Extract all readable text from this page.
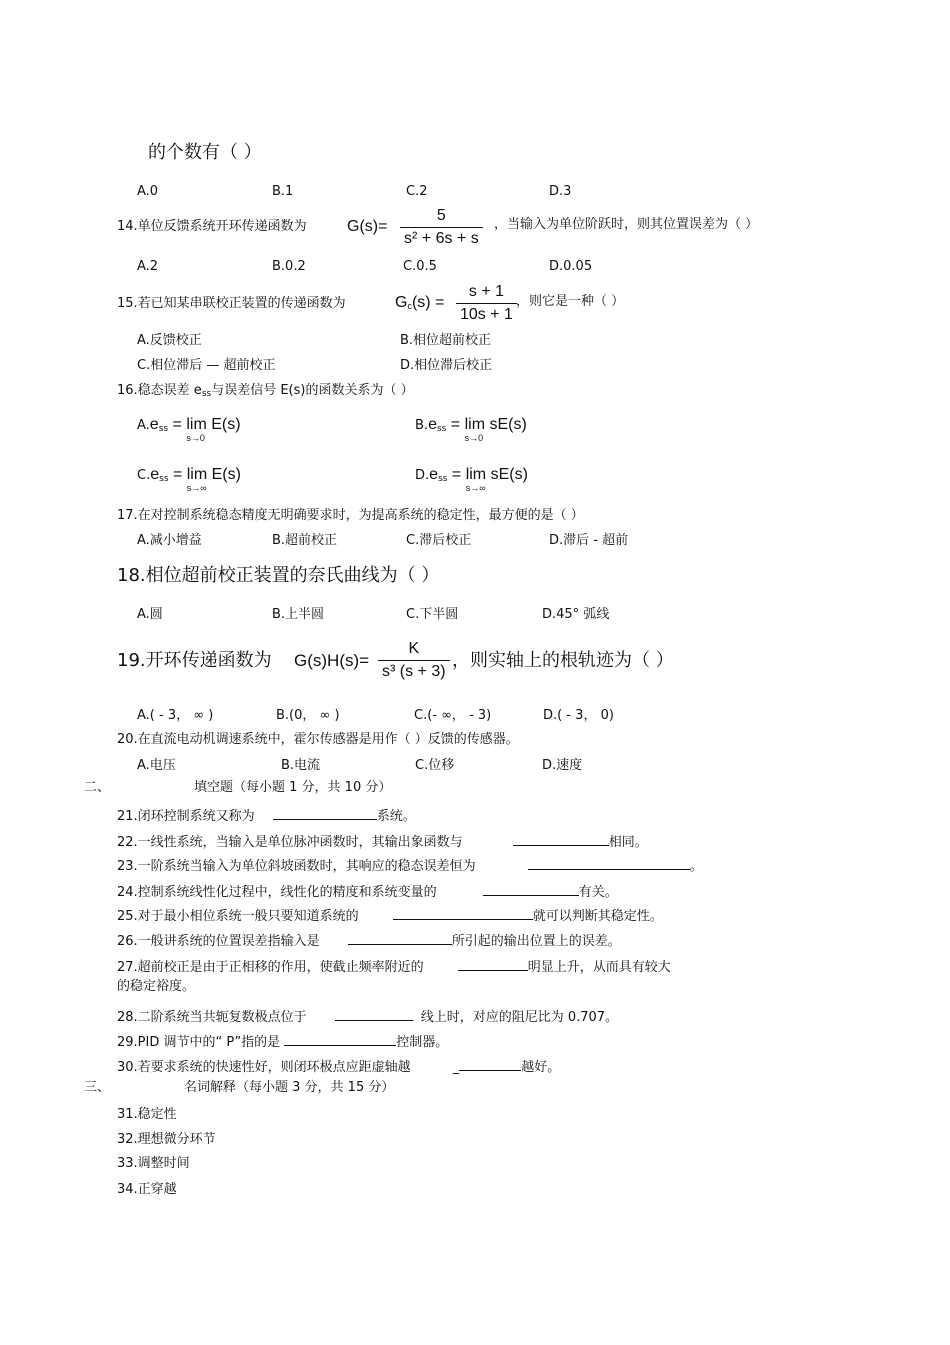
的个数有（ ）
A.0	B.1	C.2	D.3
14.单位反馈系统开环传递函数为	$G(s)= \frac{5}{\text{s² + 6s + s}}$ ，当输入为单位阶跃时，则其位置误差为（ ）
A.2	B.0.2	C.0.5	D.0.05
15.若已知某串联校正装置的传递函数为	$G_c(s) = \frac{s + 1}{10s + 1}$ ，则它是一种（ ）
A.反馈校正	B.相位超前校正
C.相位滞后 — 超前校正	D.相位滞后校正
16.稳态误差 $e_{ss}$与误差信号 E(s)的函数关系为（ ）
$A.e_{ss} = \lim$
s→0
E(s)	$B.e_{ss} = \lim$
s→0
sE(s)
$C.e_{ss} = \lim$
s→∞
E(s)	$D.e_{ss} = \lim$
s→∞
sE(s)
17.在对控制系统稳态精度无明确要求时，为提高系统的稳定性，最方便的是（ ）
A.减小增益	B.超前校正	C.滞后校正	D.滞后 - 超前
18.相位超前校正装置的奈氏曲线为（ ）
A.圆	B.上半圆	C.下半圆	D.45° 弧线
19.开环传递函数为 $G(s)H(s)= \frac{K}{\text{s³ (s + 3)}}$ ，则实轴上的根轨迹为（ ）
A.( - 3， ∞ )	B.(0， ∞ )	C.(- ∞， - 3)	D.( - 3， 0)
20.在直流电动机调速系统中，霍尔传感器是用作（ ）反馈的传感器。
A.电压	B.电流	C.位移	D.速度
二、	填空题（每小题 1 分，共 10 分）
21.闭环控制系统又称为	系统。
22.一线性系统，当输入是单位脉冲函数时，其输出象函数与	相同。
23.一阶系统当输入为单位斜坡函数时，其响应的稳态误差恒为	。
24.控制系统线性化过程中，线性化的精度和系统变量的	有关。
25.对于最小相位系统一般只要知道系统的	就可以判断其稳定性。
26.一般讲系统的位置误差指输入是	所引起的输出位置上的误差。
27.超前校正是由于正相移的作用，使截止频率附近的	明显上升，从而具有较大
的稳定裕度。
28.二阶系统当共轭复数极点位于	线上时，对应的阻尼比为 0.707。
29.PID 调节中的“ P”指的是	控制器。
30.若要求系统的快速性好，则闭环极点应距虚轴越	_	越好。
三、	名词解释（每小题 3 分，共 15 分）
31.稳定性
32.理想微分环节
33.调整时间
34.正穿越
